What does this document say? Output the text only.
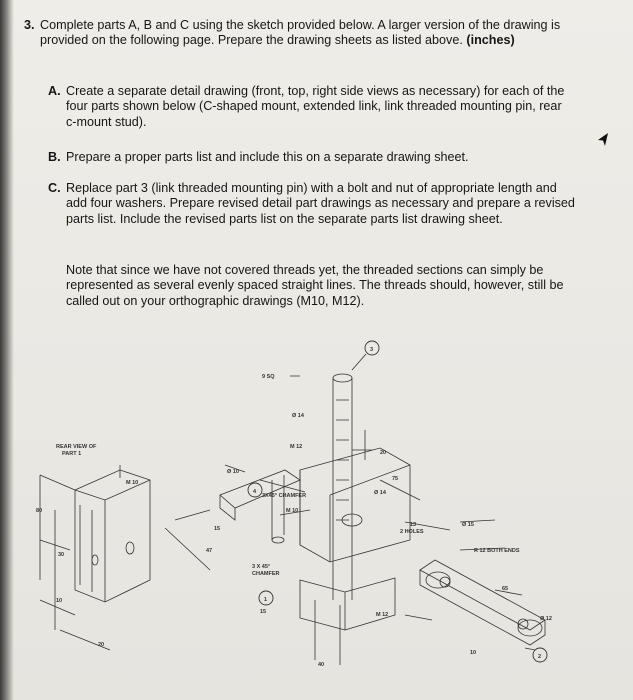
3. Complete parts A, B and C using the sketch provided below. A larger version of the drawing is provided on the following page. Prepare the drawing sheets as listed above. (inches)
A. Create a separate detail drawing (front, top, right side views as necessary) for each of the four parts shown below (C-shaped mount, extended link, link threaded mounting pin, rear c-mount stud).
B. Prepare a proper parts list and include this on a separate drawing sheet.
C. Replace part 3 (link threaded mounting pin) with a bolt and nut of appropriate length and add four washers. Prepare revised detail part drawings as necessary and prepare a revised parts list. Include the revised parts list on the separate parts list drawing sheet.
Note that since we have not covered threads yet, the threaded sections can simply be represented as several evenly spaced straight lines. The threads should, however, still be called out on your orthographic drawings (M10, M12).
REAR VIEW OF
PART 1
M 10
80
30
10
20
9 SQ
Ø 14
M 12
Ø 10
3X45° CHAMFER
M 10
3 X 45°
CHAMFER
15
47
15
20
75
Ø 14
13
2 HOLES
Ø 15
R 12 BOTH ENDS
65
Ø 12
M 12
40
10
1
2
3
4
